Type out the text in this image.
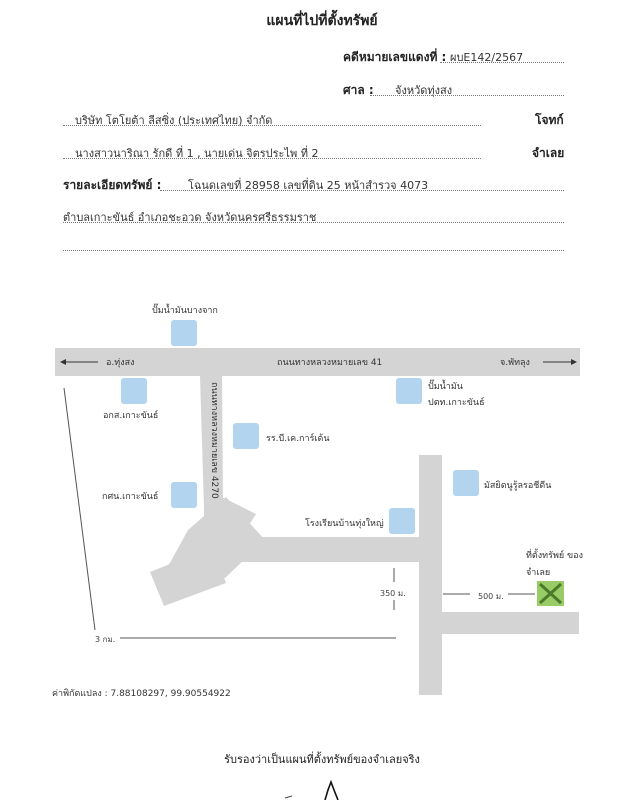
แผนที่ไปที่ตั้งทรัพย์
คดีหมายเลขแดงที่ : ผบE142/2567
ศาล : จังหวัดทุ่งสง
บริษัท โตโยต้า ลีสซิ่ง (ประเทศไทย) จำกัด	โจทก์
นางสาวนาริณา รักดี ที่ 1 , นายเด่น จิตรประไพ ที่ 2	จำเลย
รายละเอียดทรัพย์ : โฉนดเลขที่ 28958 เลขที่ดิน 25 หน้าสำรวจ 4073
ตำบลเกาะขันธ์ อำเภอชะอวด จังหวัดนครศรีธรรมราช
ถนนทางหลวงหมายเลข 4270
อ.ทุ่งสง	ถนนทางหลวงหมายเลข 41	จ.พัทลุง
ปั๊มน้ำมันบางจาก
อกส.เกาะขันธ์
ปั๊มน้ำมัน ปตท.เกาะขันธ์
รร.บี.เค.การ์เด้น
กศน.เกาะขันธ์
มัสยิดนูรู้ลรอชีดีน
โรงเรียนบ้านทุ่งใหญ่
ที่ตั้งทรัพย์ ของจำเลย
350 ม.	500 ม.
3 กม.
ค่าพิกัดแปลง : 7.88108297, 99.90554922
รับรองว่าเป็นแผนที่ตั้งทรัพย์ของจำเลยจริง
